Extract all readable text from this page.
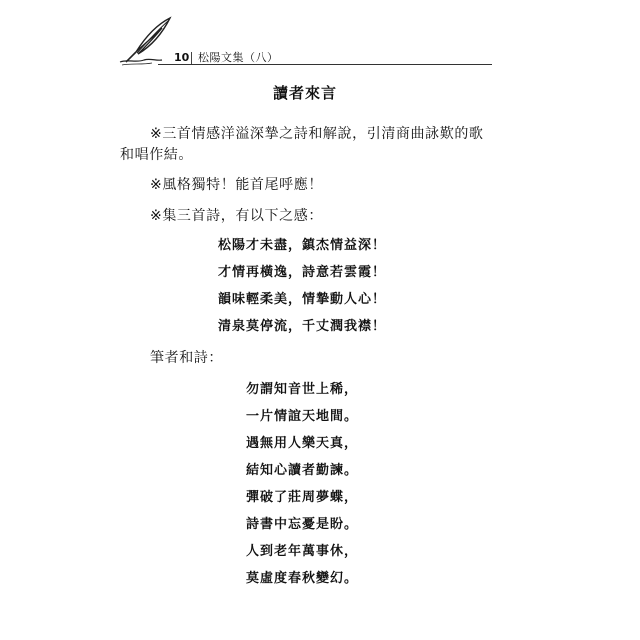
10 松陽文集（八）
讀者來言
※三首情感洋溢深摯之詩和解說，引清商曲詠歎的歌和唱作結。
※風格獨特！能首尾呼應！
※集三首詩，有以下之感：
松陽才未盡，鎮杰情益深！
才情再橫逸，詩意若雲霞！
韻味輕柔美，情摯動人心！
清泉莫停流，千丈潤我襟！
筆者和詩：
勿謂知音世上稀，
一片情誼天地間。
遇無用人樂天真，
結知心讀者勤諫。
彈破了莊周夢蝶，
詩書中忘憂是盼。
人到老年萬事休，
莫虛度春秋變幻。
